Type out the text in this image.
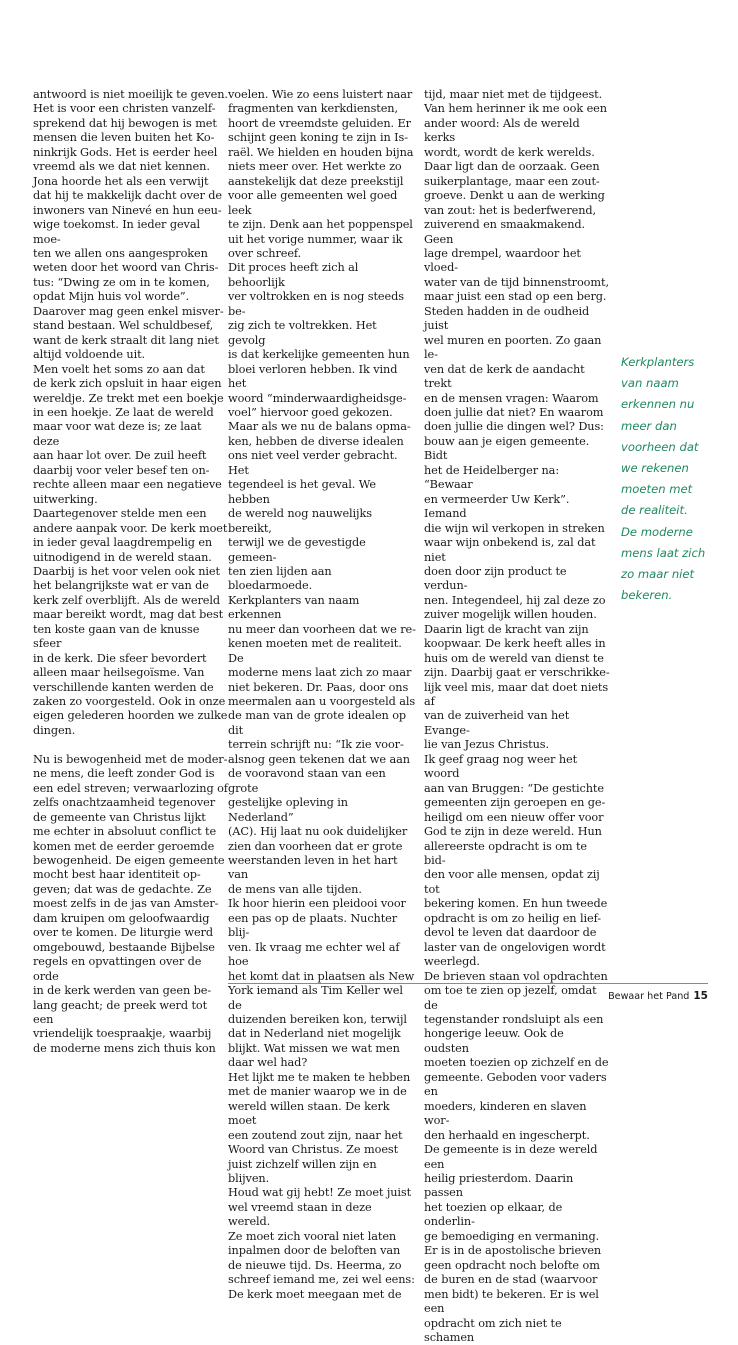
antwoord is niet moeilijk te geven.
Het is voor een christen vanzelf-
sprekend dat hij bewogen is met
mensen die leven buiten het Ko-
ninkrijk Gods. Het is eerder heel
vreemd als we dat niet kennen.
Jona hoorde het als een verwijt
dat hij te makkelijk dacht over de
inwoners van Ninevé en hun eeu-
wige toekomst. In ieder geval moe-
ten we allen ons aangesproken
weten door het woord van Chris-
tus: “Dwing ze om in te komen,
opdat Mijn huis vol worde”.
Daarover mag geen enkel misver-
stand bestaan. Wel schuldbesef,
want de kerk straalt dit lang niet
altijd voldoende uit.

Men voelt het soms zo aan dat
de kerk zich opsluit in haar eigen
wereldje. Ze trekt met een boekje
in een hoekje. Ze laat de wereld
maar voor wat deze is; ze laat deze
aan haar lot over. De zuil heeft
daarbij voor veler besef ten on-
rechte alleen maar een negatieve
uitwerking.

Daartegenover stelde men een
andere aanpak voor. De kerk moet
in ieder geval laagdrempelig en
uitnodigend in de wereld staan.
Daarbij is het voor velen ook niet
het belangrijkste wat er van de
kerk zelf overblijft. Als de wereld
maar bereikt wordt, mag dat best
ten koste gaan van de knusse sfeer
in de kerk. Die sfeer bevordert
alleen maar heilsegoïsme. Van
verschillende kanten werden de
zaken zo voorgesteld. Ook in onze
eigen gelederen hoorden we zulke
dingen.

Nu is bewogenheid met de moder-
ne mens, die leeft zonder God is
een edel streven; verwaarlozing of
zelfs onachtzaamheid tegenover
de gemeente van Christus lijkt
me echter in absoluut conflict te
komen met de eerder geroemde
bewogenheid. De eigen gemeente
mocht best haar identiteit op-
geven; dat was de gedachte. Ze
moest zelfs in de jas van Amster-
dam kruipen om geloofwaardig
over te komen. De liturgie werd
omgebouwd, bestaande Bijbelse
regels en opvattingen over de orde
in de kerk werden van geen be-
lang geacht; de preek werd tot een
vriendelijk toespraakje, waarbij
de moderne mens zich thuis kon

voelen. Wie zo eens luistert naar
fragmenten van kerkdiensten,
hoort de vreemdste geluiden. Er
schijnt geen koning te zijn in Is-
raël. We hielden en houden bijna
niets meer over. Het werkte zo
aanstekelijk dat deze preekstijl
voor alle gemeenten wel goed leek
te zijn. Denk aan het poppenspel
uit het vorige nummer, waar ik
over schreef.

Dit proces heeft zich al behoorlijk
ver voltrokken en is nog steeds be-
zig zich te voltrekken. Het gevolg
is dat kerkelijke gemeenten hun
bloei verloren hebben. Ik vind het
woord “minderwaardigheidsge-
voel” hiervoor goed gekozen.

Maar als we nu de balans opma-
ken, hebben de diverse idealen
ons niet veel verder gebracht. Het
tegendeel is het geval. We hebben
de wereld nog nauwelijks bereikt,
terwijl we de gevestigde gemeen-
ten zien lijden aan bloedarmoede.
Kerkplanters van naam erkennen
nu meer dan voorheen dat we re-
kenen moeten met de realiteit. De
moderne mens laat zich zo maar
niet bekeren. Dr. Paas, door ons
meermalen aan u voorgesteld als
de man van de grote idealen op dit
terrein schrijft nu: “Ik zie voor-
alsnog geen tekenen dat we aan
de vooravond staan van een grote
gestelijke opleving in Nederland”
(AC). Hij laat nu ook duidelijker
zien dan voorheen dat er grote
weerstanden leven in het hart van
de mens van alle tijden.

Ik hoor hierin een pleidooi voor
een pas op de plaats. Nuchter blij-
ven. Ik vraag me echter wel af hoe
het komt dat in plaatsen als New
York iemand als Tim Keller wel de
duizenden bereiken kon, terwijl
dat in Nederland niet mogelijk
blijkt. Wat missen we wat men
daar wel had?

Het lijkt me te maken te hebben
met de manier waarop we in de
wereld willen staan. De kerk moet
een zoutend zout zijn, naar het
Woord van Christus. Ze moest
juist zichzelf willen zijn en blijven.
Houd wat gij hebt! Ze moet juist
wel vreemd staan in deze wereld.
Ze moet zich vooral niet laten
inpalmen door de beloften van
de nieuwe tijd. Ds. Heerma, zo
schreef iemand me, zei wel eens:
De kerk moet meegaan met de

tijd, maar niet met de tijdgeest.
Van hem herinner ik me ook een
ander woord: Als de wereld kerks
wordt, wordt de kerk werelds.
Daar ligt dan de oorzaak. Geen
suikerplantage, maar een zout-
groeve. Denkt u aan de werking
van zout: het is bederfwerend,
zuiverend en smaakmakend. Geen
lage drempel, waardoor het vloed-
water van de tijd binnenstroomt,
maar juist een stad op een berg.
Steden hadden in de oudheid juist
wel muren en poorten. Zo gaan le-
ven dat de kerk de aandacht trekt
en de mensen vragen: Waarom
doen jullie dat niet? En waarom
doen jullie die dingen wel? Dus:
bouw aan je eigen gemeente. Bidt
het de Heidelberger na: “Bewaar
en vermeerder Uw Kerk”. Iemand
die wijn wil verkopen in streken
waar wijn onbekend is, zal dat niet
doen door zijn product te verdun-
nen. Integendeel, hij zal deze zo
zuiver mogelijk willen houden.
Daarin ligt de kracht van zijn
koopwaar. De kerk heeft alles in
huis om de wereld van dienst te
zijn. Daarbij gaat er verschrikke-
lijk veel mis, maar dat doet niets af
van de zuiverheid van het Evange-
lie van Jezus Christus.

Ik geef graag nog weer het woord
aan van Bruggen: “De gestichte
gemeenten zijn geroepen en ge-
heiligd om een nieuw offer voor
God te zijn in deze wereld. Hun
allereerste opdracht is om te bid-
den voor alle mensen, opdat zij tot
bekering komen. En hun tweede
opdracht is om zo heilig en lief-
devol te leven dat daardoor de
laster van de ongelovigen wordt
weerlegd.

De brieven staan vol opdrachten
om toe te zien op jezelf, omdat de
tegenstander rondsluipt als een
hongerige leeuw. Ook de oudsten
moeten toezien op zichzelf en de
gemeente. Geboden voor vaders en
moeders, kinderen en slaven wor-
den herhaald en ingescherpt.

De gemeente is in deze wereld een
heilig priesterdom. Daarin passen
het toezien op elkaar, de onderlin-
ge bemoediging en vermaning.

Er is in de apostolische brieven
geen opdracht noch belofte om
de buren en de stad (waarvoor
men bidt) te bekeren. Er is wel een
opdracht om zich niet te schamen

Kerkplanters
van naam
erkennen nu
meer dan
voorheen dat
we rekenen
moeten met
de realiteit.
De moderne
mens laat zich
zo maar niet
bekeren.
Bewaar het Pand 15
